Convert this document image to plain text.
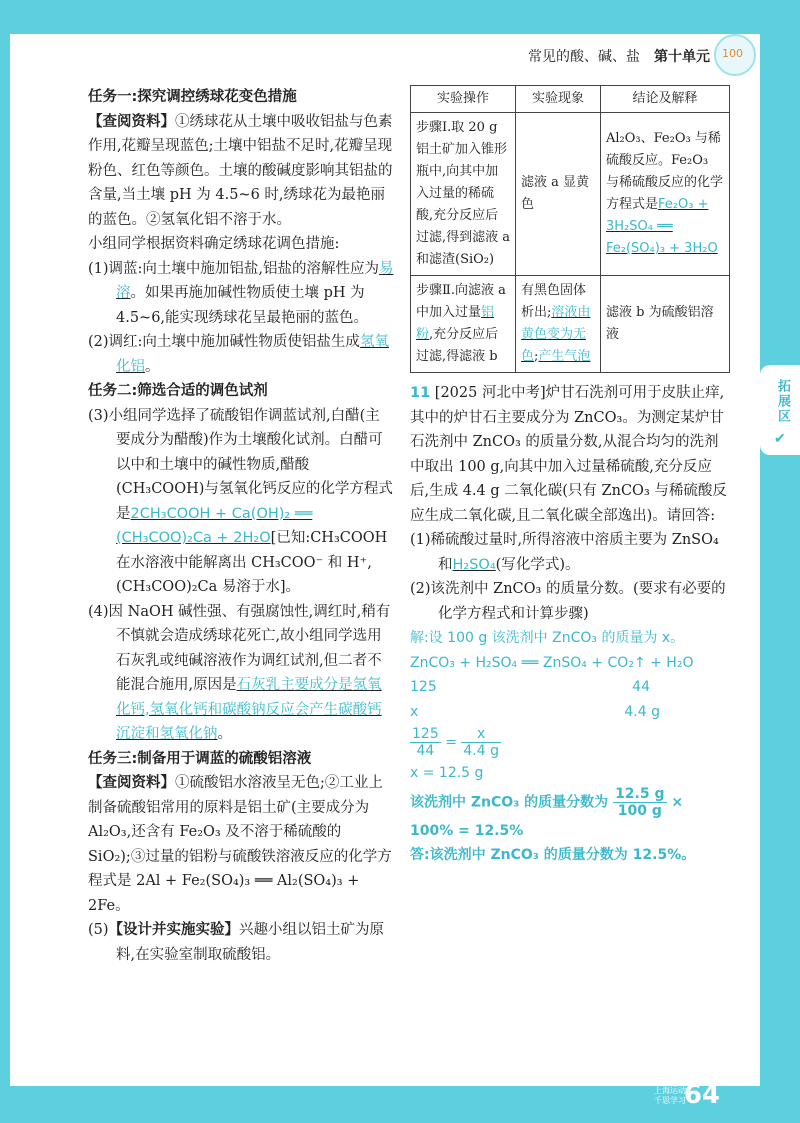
常见的酸、碱、盐 第十单元 100
拓展区
✔

任务一:探究调控绣球花变色措施

【查阅资料】①绣球花从土壤中吸收铝盐与色素作用,花瓣呈现蓝色;土壤中铝盐不足时,花瓣呈现粉色、红色等颜色。土壤的酸碱度影响其铝盐的含量,当土壤 pH 为 4.5~6 时,绣球花为最艳丽的蓝色。②氢氧化铝不溶于水。

小组同学根据资料确定绣球花调色措施:

(1)调蓝:向土壤中施加铝盐,铝盐的溶解性应为易溶。如果再施加碱性物质使土壤 pH 为 4.5~6,能实现绣球花呈最艳丽的蓝色。

(2)调红:向土壤中施加碱性物质使铝盐生成氢氧化铝。

任务二:筛选合适的调色试剂

(3)小组同学选择了硫酸铝作调蓝试剂,白醋(主要成分为醋酸)作为土壤酸化试剂。白醋可以中和土壤中的碱性物质,醋酸(CH₃COOH)与氢氧化钙反应的化学方程式是2CH₃COOH + Ca(OH)₂ ══ (CH₃COO)₂Ca + 2H₂O[已知:CH₃COOH 在水溶液中能解离出 CH₃COO⁻ 和 H⁺,(CH₃COO)₂Ca 易溶于水]。

(4)因 NaOH 碱性强、有强腐蚀性,调红时,稍有不慎就会造成绣球花死亡,故小组同学选用石灰乳或纯碱溶液作为调红试剂,但二者不能混合施用,原因是石灰乳主要成分是氢氧化钙,氢氧化钙和碳酸钠反应会产生碳酸钙沉淀和氢氧化钠。

任务三:制备用于调蓝的硫酸铝溶液

【查阅资料】①硫酸铝水溶液呈无色;②工业上制备硫酸铝常用的原料是铝土矿(主要成分为 Al₂O₃,还含有 Fe₂O₃ 及不溶于稀硫酸的 SiO₂);③过量的铝粉与硫酸铁溶液反应的化学方程式是 2Al + Fe₂(SO₄)₃ ══ Al₂(SO₄)₃ + 2Fe。

(5)【设计并实施实验】兴趣小组以铝土矿为原料,在实验室制取硫酸铝。

实验操作	实验现象	结论及解释
步骤Ⅰ.取 20 g 铝土矿加入锥形瓶中,向其中加入过量的稀硫酸,充分反应后过滤,得到滤液 a 和滤渣(SiO₂)	滤液 a 显黄色	Al₂O₃、Fe₂O₃ 与稀硫酸反应。Fe₂O₃ 与稀硫酸反应的化学方程式是Fe₂O₃ + 3H₂SO₄ ══ Fe₂(SO₄)₃ + 3H₂O
步骤Ⅱ.向滤液 a 中加入过量铝粉,充分反应后过滤,得滤液 b	有黑色固体析出;溶液由黄色变为无色;产生气泡	滤液 b 为硫酸铝溶液

11 [2025 河北中考]炉甘石洗剂可用于皮肤止痒,其中的炉甘石主要成分为 ZnCO₃。为测定某炉甘石洗剂中 ZnCO₃ 的质量分数,从混合均匀的洗剂中取出 100 g,向其中加入过量稀硫酸,充分反应后,生成 4.4 g 二氧化碳(只有 ZnCO₃ 与稀硫酸反应生成二氧化碳,且二氧化碳全部逸出)。请回答:

(1)稀硫酸过量时,所得溶液中溶质主要为 ZnSO₄ 和H₂SO₄(写化学式)。

(2)该洗剂中 ZnCO₃ 的质量分数。(要求有必要的化学方程式和计算步骤)

解:设 100 g 该洗剂中 ZnCO₃ 的质量为 x。

ZnCO₃ + H₂SO₄ ══ ZnSO₄ + CO₂↑ + H₂O

125	44

x	4.4 g

$\frac{125}{44} = \frac{x}{4.4 g}$

x = 12.5 g

该洗剂中 ZnCO₃ 的质量分数为 $\frac{12.5 g}{100 g}$ ×

100% = 12.5%

答:该洗剂中 ZnCO₃ 的质量分数为 12.5%。

上海运动 千思学习
64
